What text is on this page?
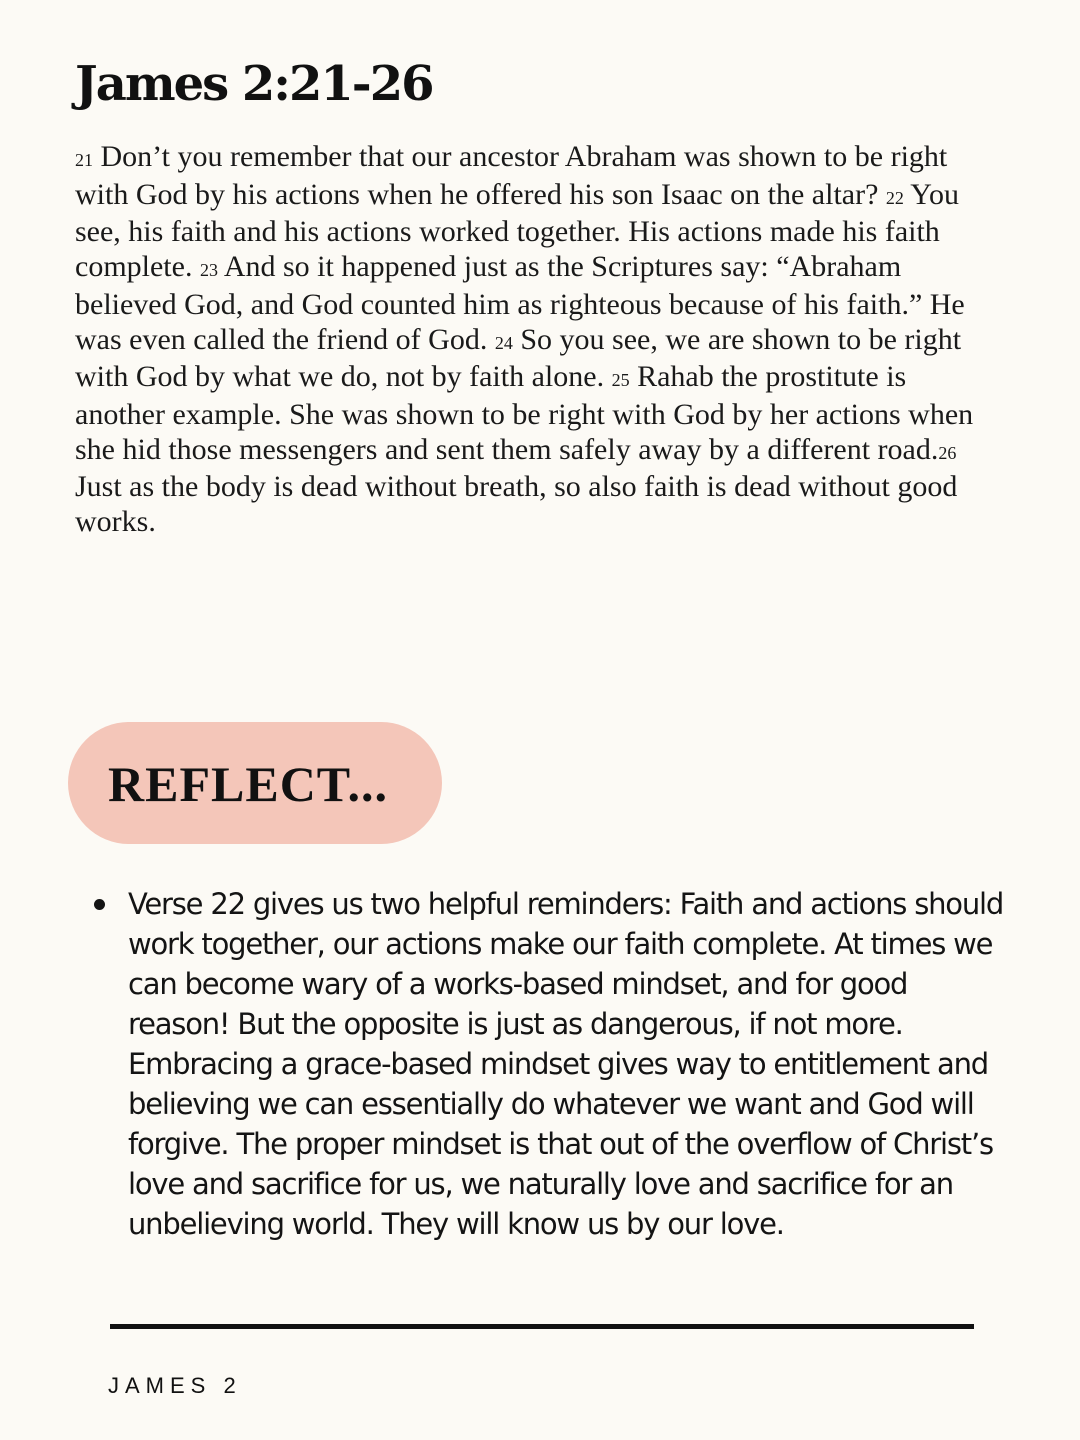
James 2:21-26

21 Don’t you remember that our ancestor Abraham was shown to be right with God by his actions when he offered his son Isaac on the altar? 22 You see, his faith and his actions worked together. His actions made his faith complete. 23 And so it happened just as the Scriptures say: “Abraham believed God, and God counted him as righteous because of his faith.” He was even called the friend of God. 24 So you see, we are shown to be right with God by what we do, not by faith alone. 25 Rahab the prostitute is another example. She was shown to be right with God by her actions when she hid those messengers and sent them safely away by a different road.26 Just as the body is dead without breath, so also faith is dead without good works.

REFLECT...
Verse 22 gives us two helpful reminders: Faith and actions should work together, our actions make our faith complete. At times we can become wary of a works-based mindset, and for good reason! But the opposite is just as dangerous, if not more. Embracing a grace-based mindset gives way to entitlement and believing we can essentially do whatever we want and God will forgive. The proper mindset is that out of the overflow of Christ’s love and sacrifice for us, we naturally love and sacrifice for an unbelieving world. They will know us by our love.

JAMES 2
